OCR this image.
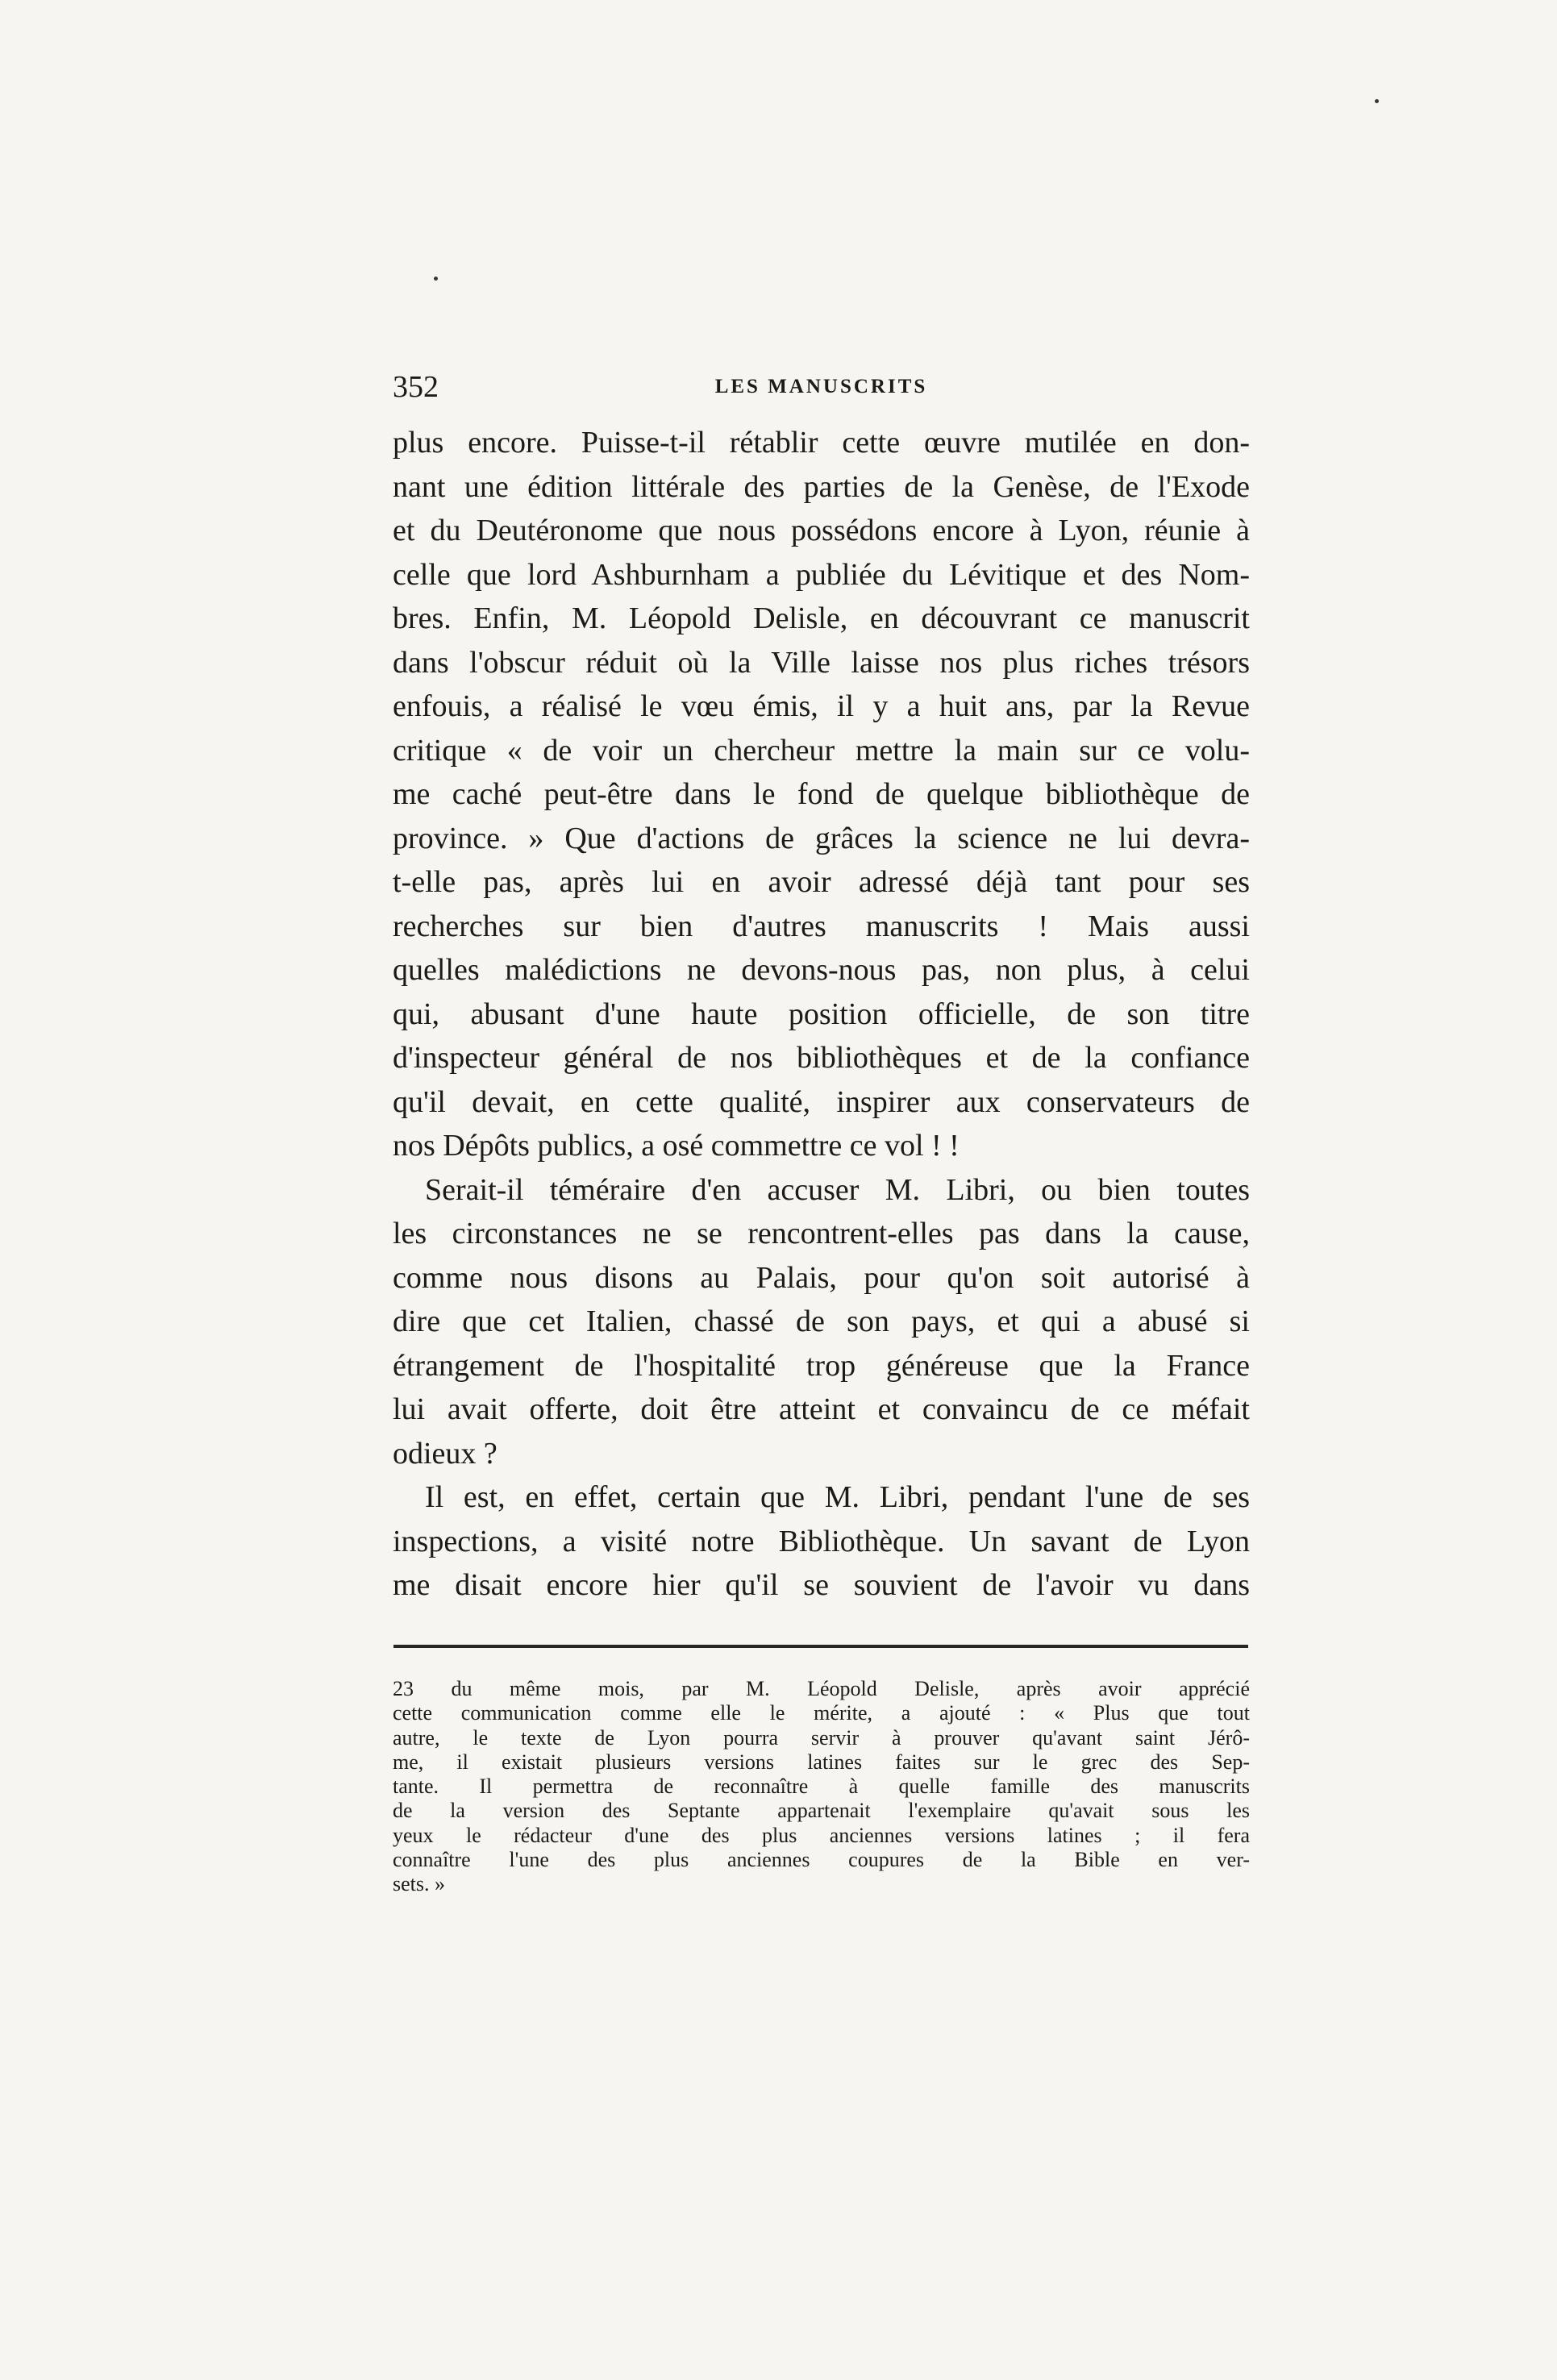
352	LES MANUSCRITS
plus encore. Puisse-t-il rétablir cette œuvre mutilée en don-
nant une édition littérale des parties de la Genèse, de l'Exode
et du Deutéronome que nous possédons encore à Lyon, réunie à
celle que lord Ashburnham a publiée du Lévitique et des Nom-
bres. Enfin, M. Léopold Delisle, en découvrant ce manuscrit
dans l'obscur réduit où la Ville laisse nos plus riches trésors
enfouis, a réalisé le vœu émis, il y a huit ans, par la Revue
critique « de voir un chercheur mettre la main sur ce volu-
me caché peut-être dans le fond de quelque bibliothèque de
province. » Que d'actions de grâces la science ne lui devra-
t-elle pas, après lui en avoir adressé déjà tant pour ses
recherches sur bien d'autres manuscrits ! Mais aussi
quelles malédictions ne devons-nous pas, non plus, à celui
qui, abusant d'une haute position officielle, de son titre
d'inspecteur général de nos bibliothèques et de la confiance
qu'il devait, en cette qualité, inspirer aux conservateurs de
nos Dépôts publics, a osé commettre ce vol ! !
Serait-il téméraire d'en accuser M. Libri, ou bien toutes
les circonstances ne se rencontrent-elles pas dans la cause,
comme nous disons au Palais, pour qu'on soit autorisé à
dire que cet Italien, chassé de son pays, et qui a abusé si
étrangement de l'hospitalité trop généreuse que la France
lui avait offerte, doit être atteint et convaincu de ce méfait
odieux ?
Il est, en effet, certain que M. Libri, pendant l'une de ses
inspections, a visité notre Bibliothèque. Un savant de Lyon
me disait encore hier qu'il se souvient de l'avoir vu dans
23 du même mois, par M. Léopold Delisle, après avoir apprécié
cette communication comme elle le mérite, a ajouté : « Plus que tout
autre, le texte de Lyon pourra servir à prouver qu'avant saint Jérô-
me, il existait plusieurs versions latines faites sur le grec des Sep-
tante. Il permettra de reconnaître à quelle famille des manuscrits
de la version des Septante appartenait l'exemplaire qu'avait sous les
yeux le rédacteur d'une des plus anciennes versions latines ; il fera
connaître l'une des plus anciennes coupures de la Bible en ver-
sets. »
